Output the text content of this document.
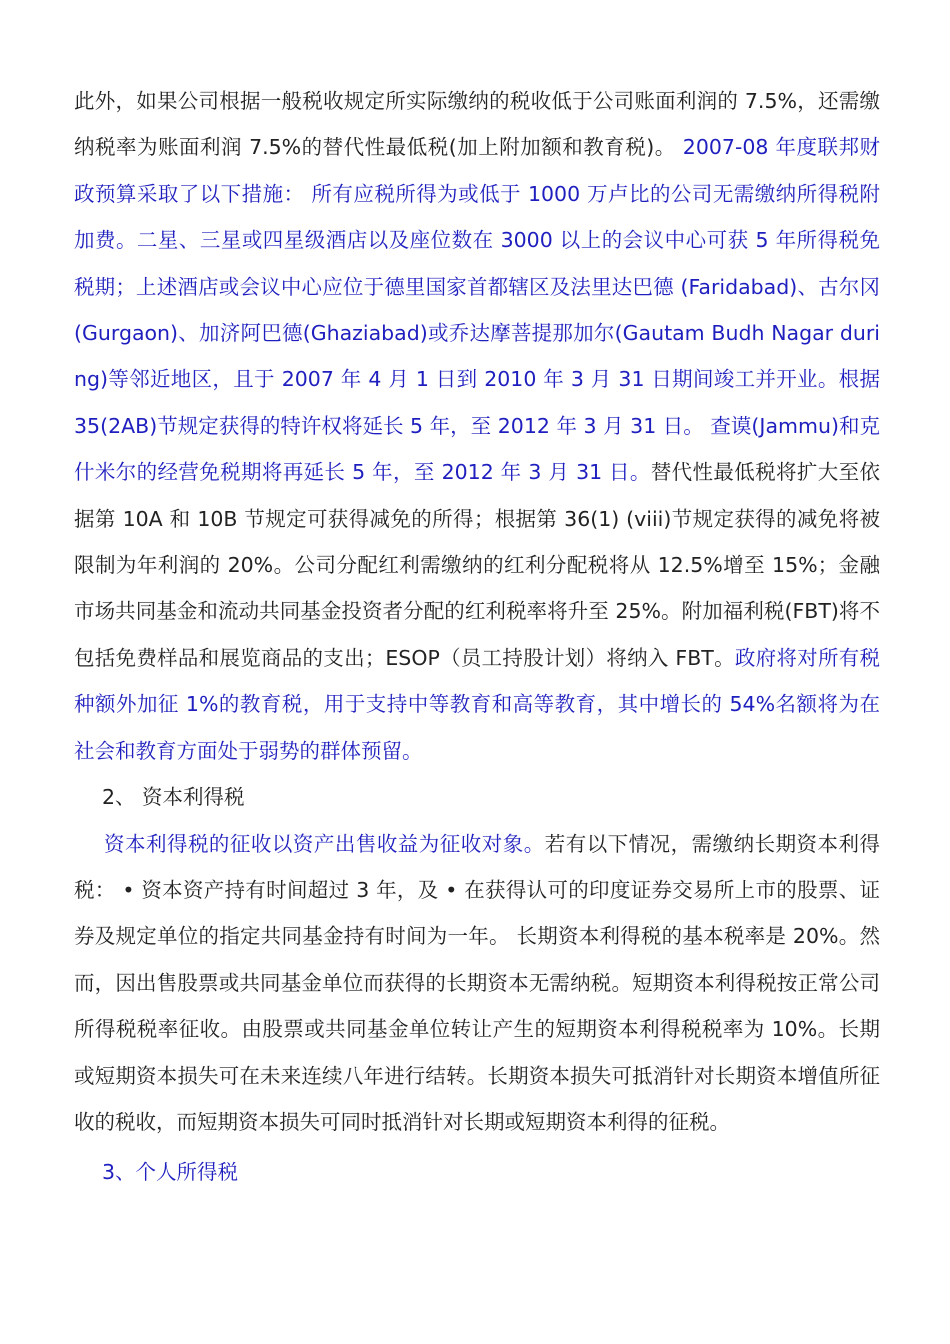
此外，如果公司根据一般税收规定所实际缴纳的税收低于公司账面利润的 7.5%，还需缴纳税率为账面利润 7.5%的替代性最低税(加上附加额和教育税)。 2007-08 年度联邦财政预算采取了以下措施： 所有应税所得为或低于 1000 万卢比的公司无需缴纳所得税附加费。二星、三星或四星级酒店以及座位数在 3000 以上的会议中心可获 5 年所得税免税期；上述酒店或会议中心应位于德里国家首都辖区及法里达巴德 (Faridabad)、古尔冈(Gurgaon)、加济阿巴德(Ghaziabad)或乔达摩菩提那加尔(Gautam Budh Nagar during)等邻近地区，且于 2007 年 4 月 1 日到 2010 年 3 月 31 日期间竣工并开业。根据 35(2AB)节规定获得的特许权将延长 5 年，至 2012 年 3 月 31 日。 查谟(Jammu)和克什米尔的经营免税期将再延长 5 年，至 2012 年 3 月 31 日。替代性最低税将扩大至依据第 10A 和 10B 节规定可获得减免的所得；根据第 36(1) (viii)节规定获得的减免将被限制为年利润的 20%。公司分配红利需缴纳的红利分配税将从 12.5%增至 15%；金融市场共同基金和流动共同基金投资者分配的红利税率将升至 25%。附加福利税(FBT)将不包括免费样品和展览商品的支出；ESOP（员工持股计划）将纳入 FBT。政府将对所有税种额外加征 1%的教育税，用于支持中等教育和高等教育，其中增长的 54%名额将为在社会和教育方面处于弱势的群体预留。

2、 资本利得税

资本利得税的征收以资产出售收益为征收对象。若有以下情况，需缴纳长期资本利得税： • 资本资产持有时间超过 3 年，及 • 在获得认可的印度证券交易所上市的股票、证券及规定单位的指定共同基金持有时间为一年。 长期资本利得税的基本税率是 20%。然而，因出售股票或共同基金单位而获得的长期资本无需纳税。短期资本利得税按正常公司所得税税率征收。由股票或共同基金单位转让产生的短期资本利得税税率为 10%。长期或短期资本损失可在未来连续八年进行结转。长期资本损失可抵消针对长期资本增值所征收的税收，而短期资本损失可同时抵消针对长期或短期资本利得的征税。

3、个人所得税
